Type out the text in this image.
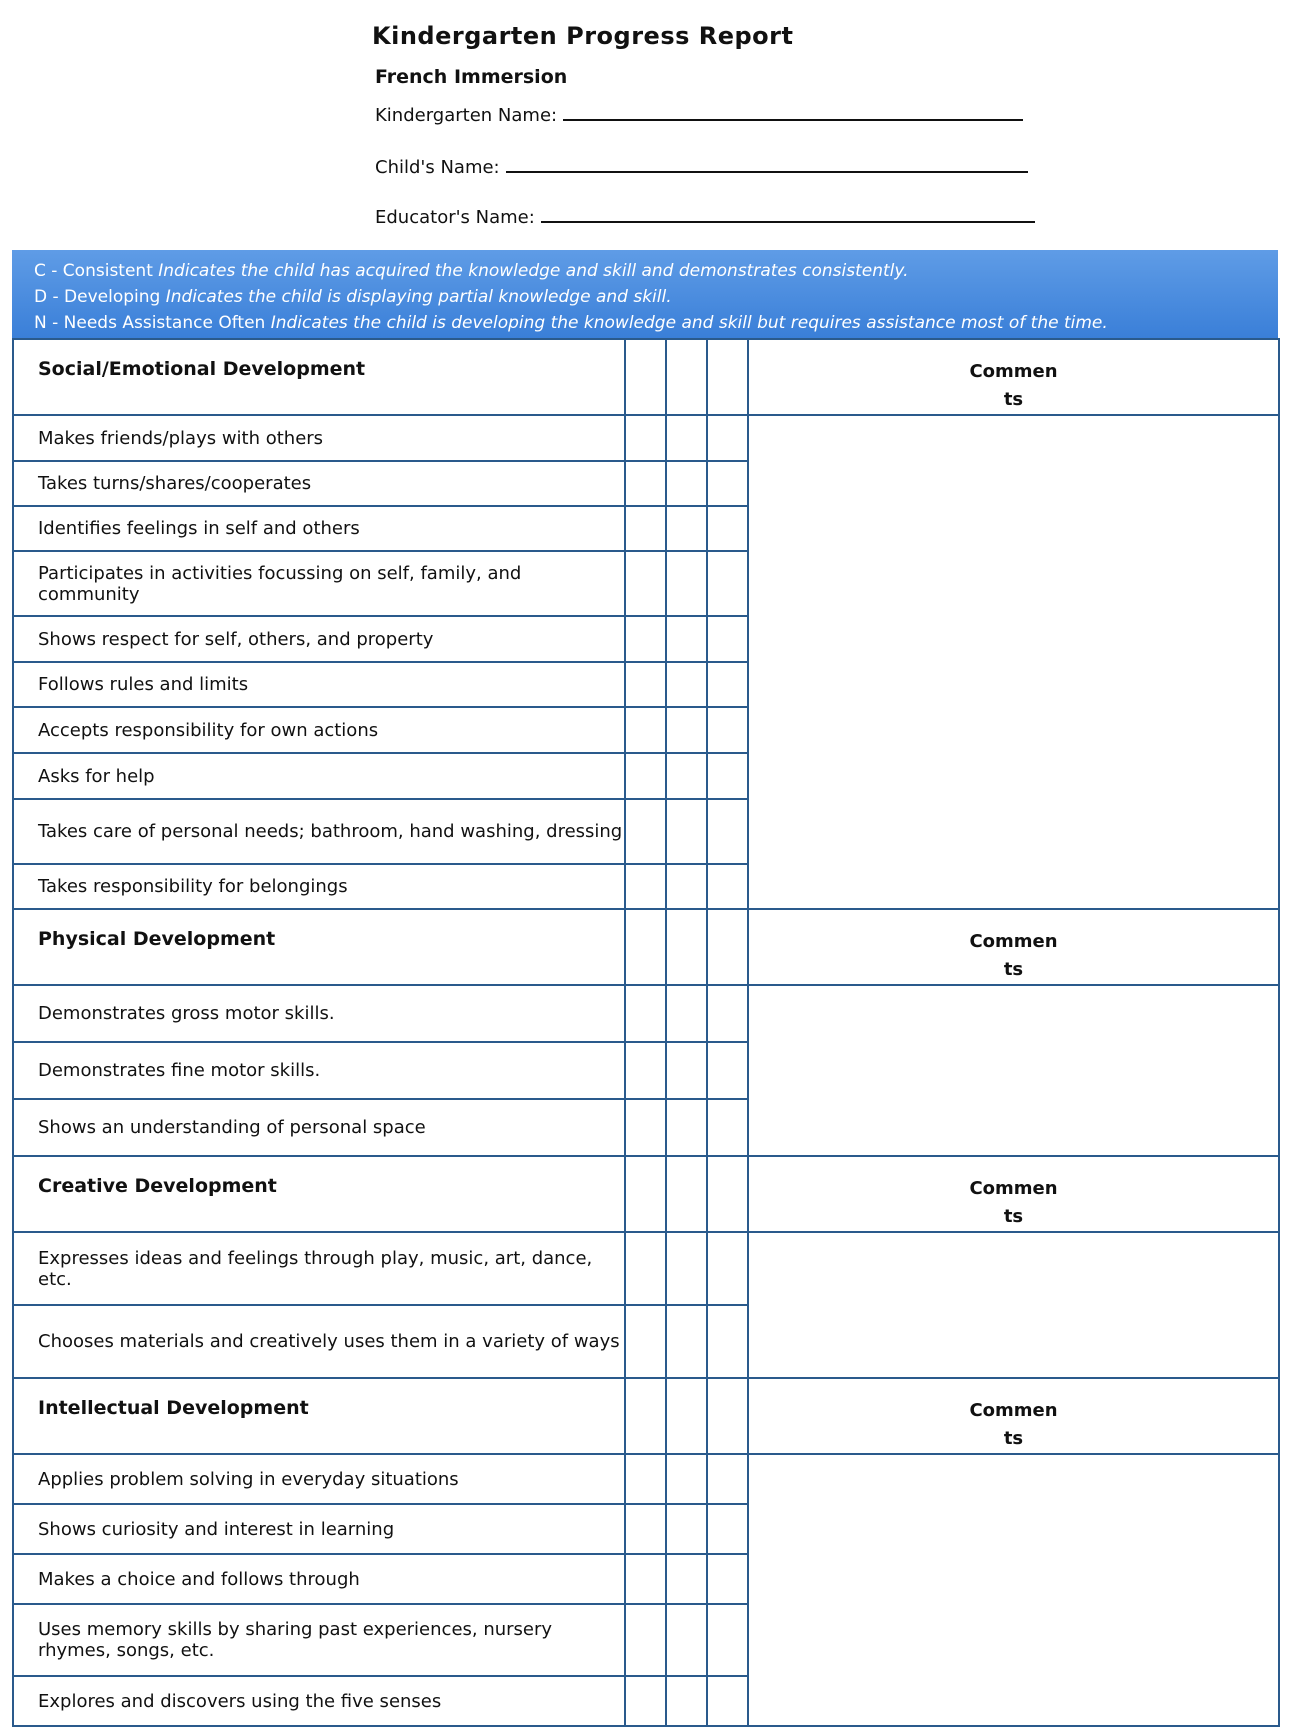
Kindergarten Progress Report
French Immersion
Kindergarten Name:
Child's Name:
Educator's Name:
C - Consistent Indicates the child has acquired the knowledge and skill and demonstrates consistently.
D - Developing Indicates the child is displaying partial knowledge and skill.
N - Needs Assistance Often Indicates the child is developing the knowledge and skill but requires assistance most of the time.
Social/Emotional Development				Commen
ts

Makes friends/plays with others				
Takes turns/shares/cooperates				
Identifies feelings in self and others				
Participates in activities focussing on self, family, and community				
Shows respect for self, others, and property				
Follows rules and limits				
Accepts responsibility for own actions				
Asks for help				
Takes care of personal needs; bathroom, hand washing, dressing				
Takes responsibility for belongings				
Physical Development				Commen
ts

Demonstrates gross motor skills.				
Demonstrates fine motor skills.				
Shows an understanding of personal space				
Creative Development				Commen
ts

Expresses ideas and feelings through play, music, art, dance, etc.				
Chooses materials and creatively uses them in a variety of ways				
Intellectual Development				Commen
ts

Applies problem solving in everyday situations				
Shows curiosity and interest in learning				
Makes a choice and follows through				
Uses memory skills by sharing past experiences, nursery rhymes, songs, etc.				
Explores and discovers using the five senses				
